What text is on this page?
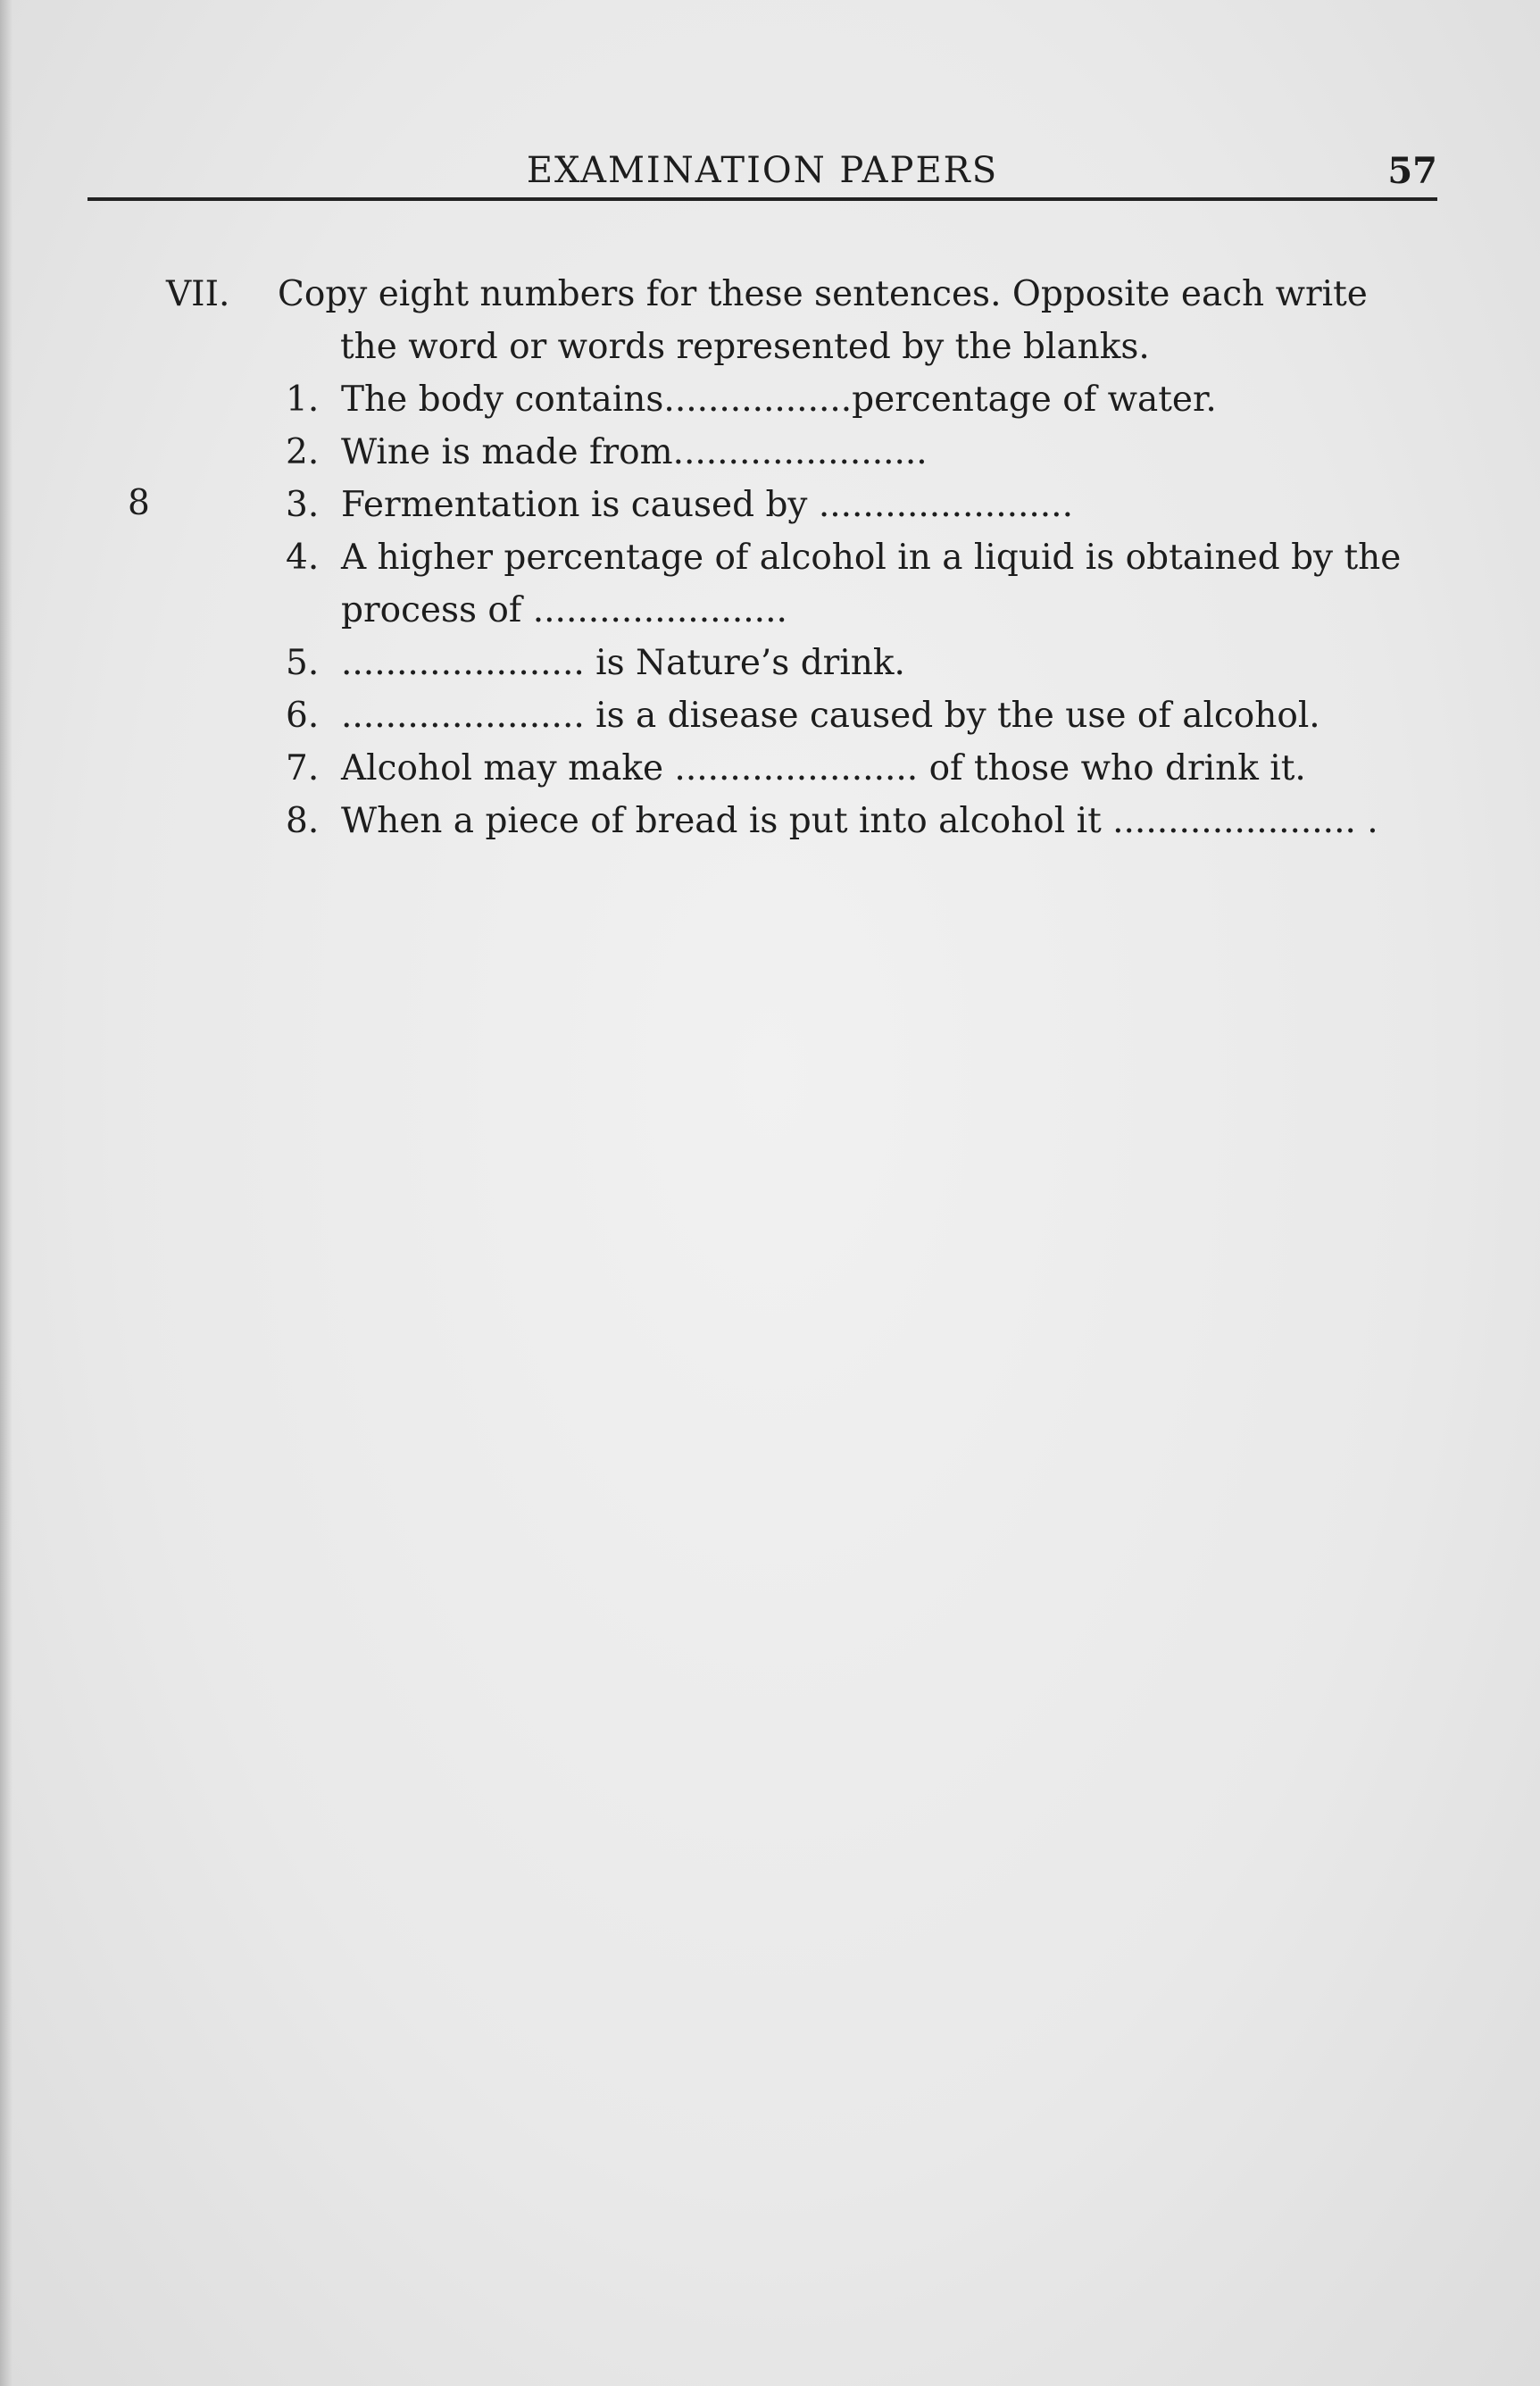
EXAMINATION PAPERS	57
VII. Copy eight numbers for these sentences. Opposite each write
the word or words represented by the blanks.
8
1. The body contains.................percentage of water.
2. Wine is made from.......................
3. Fermentation is caused by .......................
4. A higher percentage of alcohol in a liquid is obtained by the
process of .......................
5. ...................... is Nature’s drink.
6. ...................... is a disease caused by the use of alcohol.
7. Alcohol may make ...................... of those who drink it.
8. When a piece of bread is put into alcohol it ...................... .
